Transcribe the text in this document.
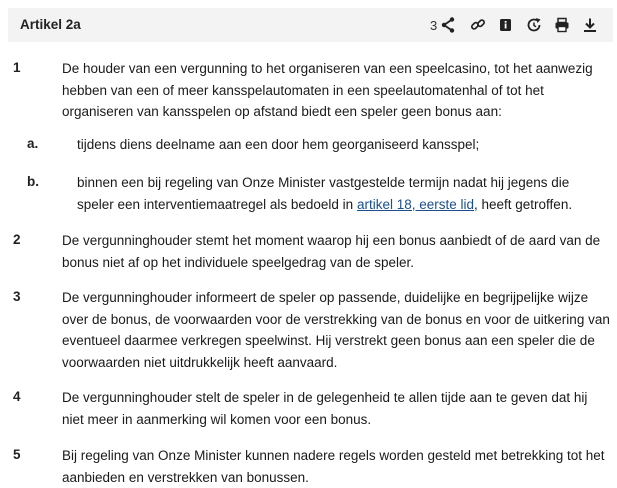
Artikel 2a	3
1	De houder van een vergunning to het organiseren van een speelcasino, tot het aanwezig hebben van een of meer kansspelautomaten in een speelautomatenhal of tot het organiseren van kansspelen op afstand biedt een speler geen bonus aan:
a.	tijdens diens deelname aan een door hem georganiseerd kansspel;
b.	binnen een bij regeling van Onze Minister vastgestelde termijn nadat hij jegens die speler een interventiemaatregel als bedoeld in artikel 18, eerste lid, heeft getroffen.
2	De vergunninghouder stemt het moment waarop hij een bonus aanbiedt of de aard van de bonus niet af op het individuele speelgedrag van de speler.
3	De vergunninghouder informeert de speler op passende, duidelijke en begrijpelijke wijze over de bonus, de voorwaarden voor de verstrekking van de bonus en voor de uitkering van eventueel daarmee verkregen speelwinst. Hij verstrekt geen bonus aan een speler die de voorwaarden niet uitdrukkelijk heeft aanvaard.
4	De vergunninghouder stelt de speler in de gelegenheid te allen tijde aan te geven dat hij niet meer in aanmerking wil komen voor een bonus.
5	Bij regeling van Onze Minister kunnen nadere regels worden gesteld met betrekking tot het aanbieden en verstrekken van bonussen.
